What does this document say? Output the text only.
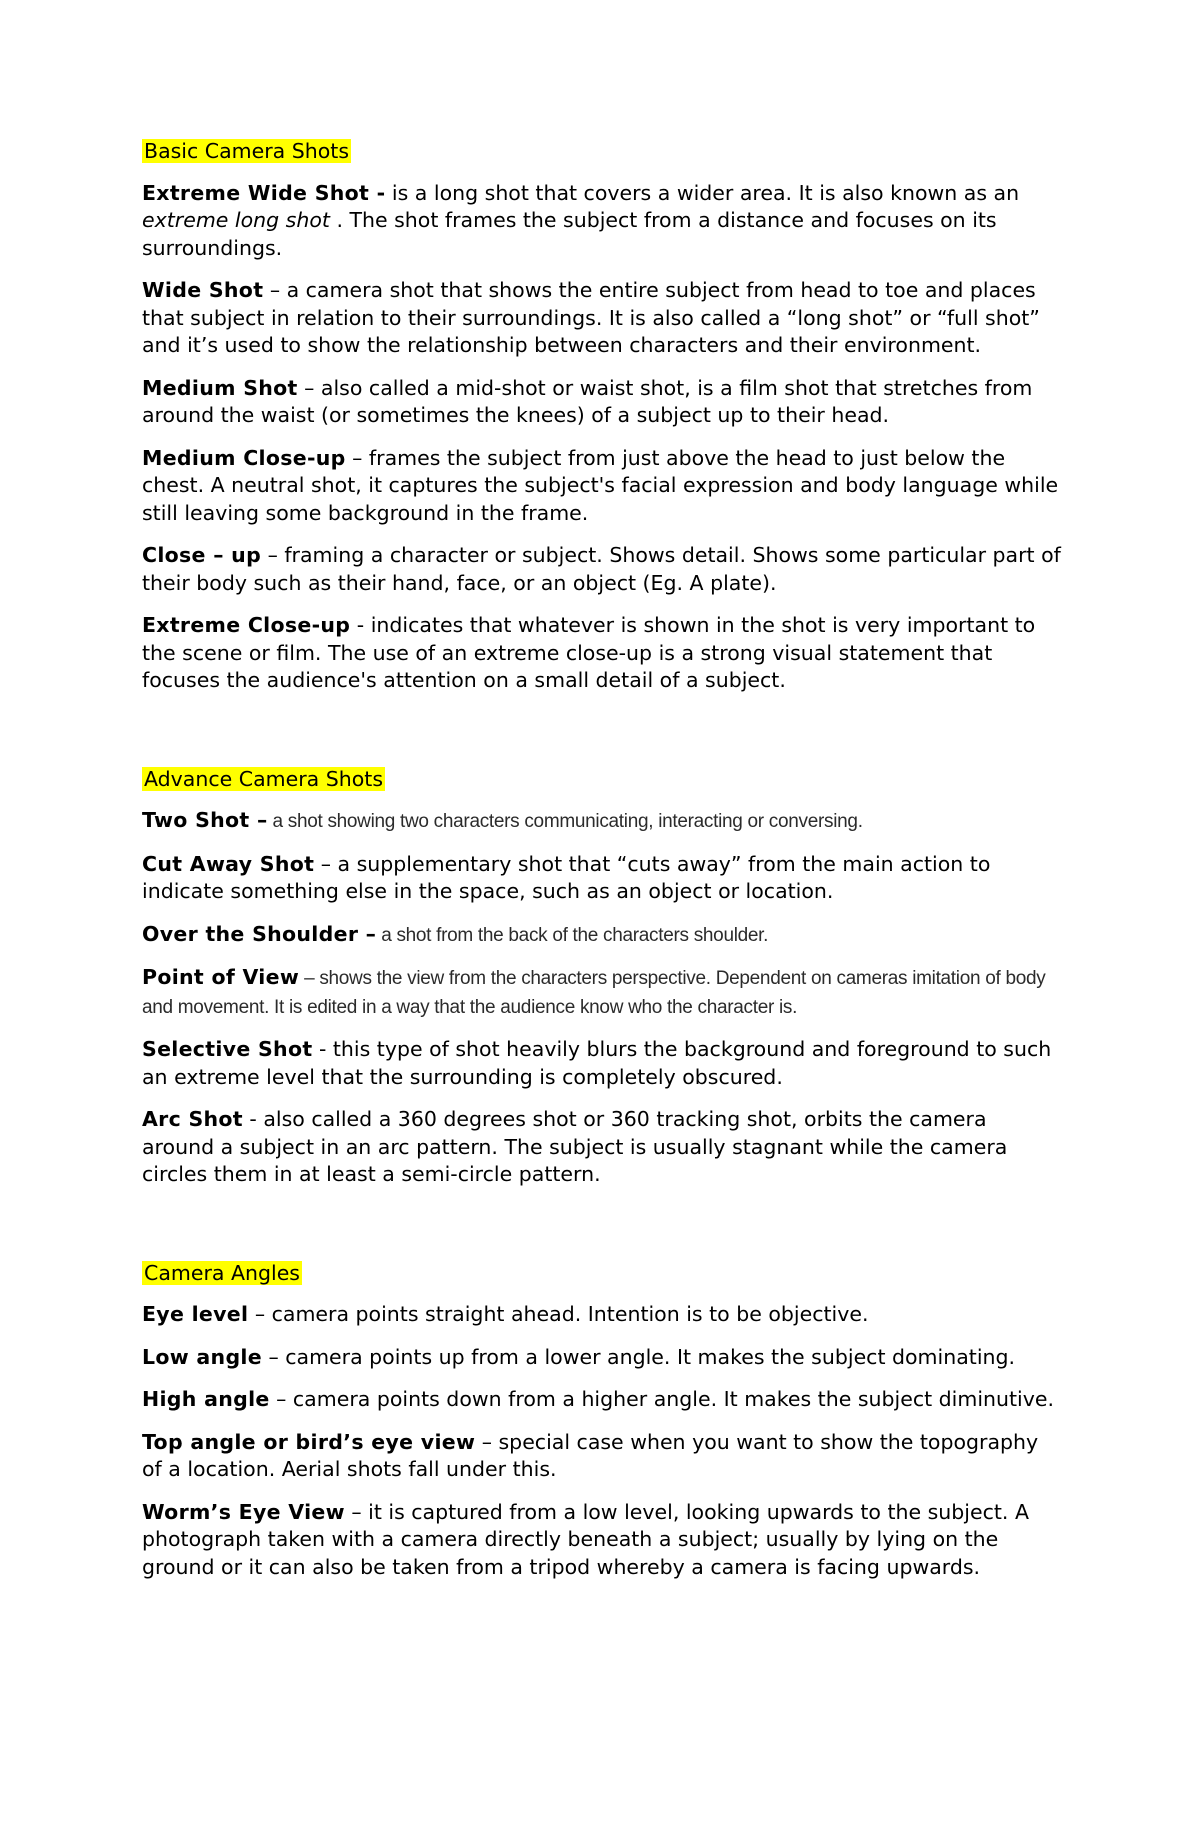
Basic Camera Shots

Extreme Wide Shot - is a long shot that covers a wider area. It is also known as an extreme long shot . The shot frames the subject from a distance and focuses on its surroundings.

Wide Shot – a camera shot that shows the entire subject from head to toe and places that subject in relation to their surroundings. It is also called a “long shot” or “full shot” and it’s used to show the relationship between characters and their environment.

Medium Shot – also called a mid-shot or waist shot, is a film shot that stretches from around the waist (or sometimes the knees) of a subject up to their head.

Medium Close-up – frames the subject from just above the head to just below the chest. A neutral shot, it captures the subject's facial expression and body language while still leaving some background in the frame.

Close – up – framing a character or subject. Shows detail. Shows some particular part of their body such as their hand, face, or an object (Eg. A plate).

Extreme Close-up - indicates that whatever is shown in the shot is very important to the scene or film. The use of an extreme close-up is a strong visual statement that focuses the audience's attention on a small detail of a subject.

Advance Camera Shots

Two Shot – a shot showing two characters communicating, interacting or conversing.

Cut Away Shot – a supplementary shot that “cuts away” from the main action to indicate something else in the space, such as an object or location.

Over the Shoulder – a shot from the back of the characters shoulder.

Point of View – shows the view from the characters perspective. Dependent on cameras imitation of body and movement. It is edited in a way that the audience know who the character is.

Selective Shot - this type of shot heavily blurs the background and foreground to such an extreme level that the surrounding is completely obscured.

Arc Shot - also called a 360 degrees shot or 360 tracking shot, orbits the camera around a subject in an arc pattern. The subject is usually stagnant while the camera circles them in at least a semi-circle pattern.

Camera Angles

Eye level – camera points straight ahead. Intention is to be objective.

Low angle – camera points up from a lower angle. It makes the subject dominating.

High angle – camera points down from a higher angle. It makes the subject diminutive.

Top angle or bird’s eye view – special case when you want to show the topography of a location. Aerial shots fall under this.

Worm’s Eye View – it is captured from a low level, looking upwards to the subject. A photograph taken with a camera directly beneath a subject; usually by lying on the ground or it can also be taken from a tripod whereby a camera is facing upwards.
